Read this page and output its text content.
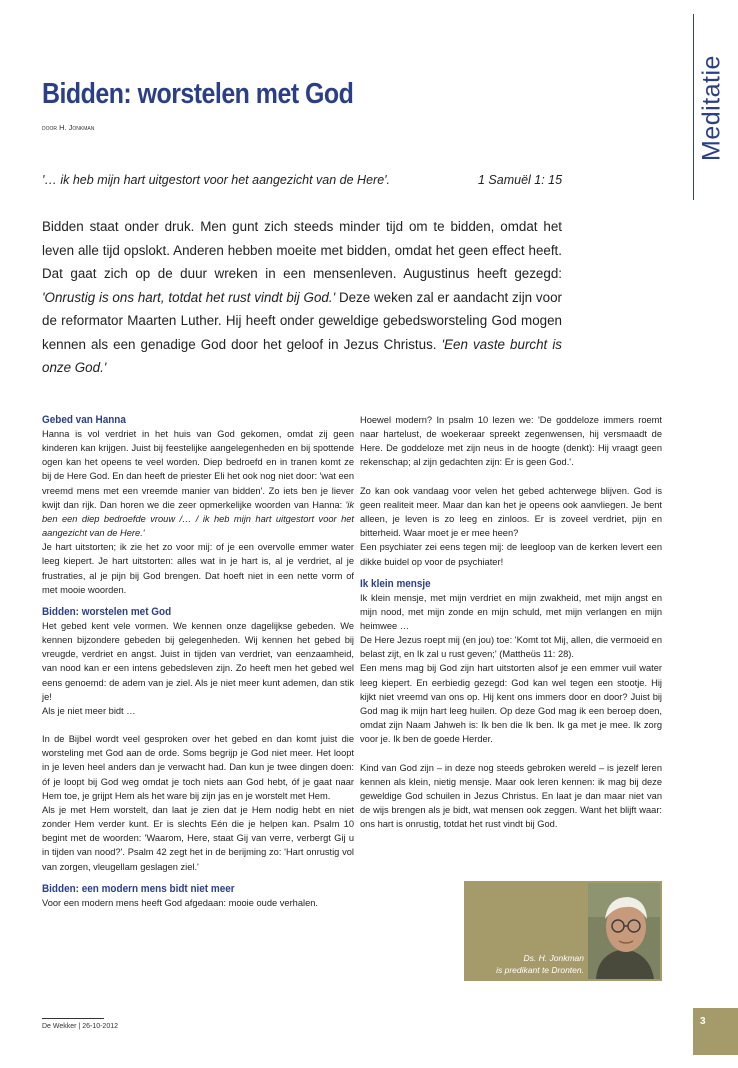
Meditatie
Bidden: worstelen met God
door H. Jonkman
'… ik heb mijn hart uitgestort voor het aangezicht van de Here'.	1 Samuël 1: 15

Bidden staat onder druk. Men gunt zich steeds minder tijd om te bidden, omdat het leven alle tijd opslokt. Anderen hebben moeite met bidden, omdat het geen effect heeft. Dat gaat zich op de duur wreken in een mensenleven. Augustinus heeft gezegd: 'Onrustig is ons hart, totdat het rust vindt bij God.' Deze weken zal er aandacht zijn voor de reformator Maarten Luther. Hij heeft onder geweldige gebedsworsteling God mogen kennen als een genadige God door het geloof in Jezus Christus. 'Een vaste burcht is onze God.'

Gebed van Hanna

Hanna is vol verdriet in het huis van God gekomen, omdat zij geen kinderen kan krijgen. Juist bij feestelijke aangelegenheden en bij spottende ogen kan het opeens te veel worden. Diep bedroefd en in tranen komt ze bij de Here God. En dan heeft de priester Eli het ook nog niet door: 'wat een vreemd mens met een vreemde manier van bidden'. Zo iets ben je liever kwijt dan rijk. Dan horen we die zeer opmerkelijke woorden van Hanna: 'ik ben een diep bedroefde vrouw /… / ik heb mijn hart uitgestort voor het aangezicht van de Here.'

Je hart uitstorten; ik zie het zo voor mij: of je een overvolle emmer water leeg kiepert. Je hart uitstorten: alles wat in je hart is, al je verdriet, al je frustraties, al je pijn bij God brengen. Dat hoeft niet in een nette vorm of met mooie woorden.

Bidden: worstelen met God

Het gebed kent vele vormen. We kennen onze dagelijkse gebeden. We kennen bijzondere gebeden bij gelegenheden. Wij kennen het gebed bij vreugde, verdriet en angst. Juist in tijden van verdriet, van eenzaamheid, van nood kan er een intens gebedsleven zijn. Zo heeft men het gebed wel eens genoemd: de adem van je ziel. Als je niet meer kunt ademen, dan stik je!

Als je niet meer bidt …

In de Bijbel wordt veel gesproken over het gebed en dan komt juist die worsteling met God aan de orde. Soms begrijp je God niet meer. Het loopt in je leven heel anders dan je verwacht had. Dan kun je twee dingen doen: óf je loopt bij God weg omdat je toch niets aan God hebt, óf je gaat naar Hem toe, je grijpt Hem als het ware bij zijn jas en je worstelt met Hem.

Als je met Hem worstelt, dan laat je zien dat je Hem nodig hebt en niet zonder Hem verder kunt. Er is slechts Eén die je helpen kan. Psalm 10 begint met de woorden: 'Waarom, Here, staat Gij van verre, verbergt Gij u in tijden van nood?'. Psalm 42 zegt het in de berijming zo: 'Hart onrustig vol van zorgen, vleugellam geslagen ziel.'

Bidden: een modern mens bidt niet meer

Voor een modern mens heeft God afgedaan: mooie oude verhalen.

Hoewel modern? In psalm 10 lezen we: 'De goddeloze immers roemt naar hartelust, de woekeraar spreekt zegenwensen, hij versmaadt de Here. De goddeloze met zijn neus in de hoogte (denkt): Hij vraagt geen rekenschap; al zijn gedachten zijn: Er is geen God.'.

Zo kan ook vandaag voor velen het gebed achterwege blijven. God is geen realiteit meer. Maar dan kan het je opeens ook aanvliegen. Je bent alleen, je leven is zo leeg en zinloos. Er is zoveel verdriet, pijn en bitterheid. Waar moet je er mee heen?

Een psychiater zei eens tegen mij: de leegloop van de kerken levert een dikke buidel op voor de psychiater!

Ik klein mensje

Ik klein mensje, met mijn verdriet en mijn zwakheid, met mijn angst en mijn nood, met mijn zonde en mijn schuld, met mijn verlangen en mijn heimwee …

De Here Jezus roept mij (en jou) toe: 'Komt tot Mij, allen, die vermoeid en belast zijt, en Ik zal u rust geven;' (Mattheüs 11: 28).

Een mens mag bij God zijn hart uitstorten alsof je een emmer vuil water leeg kiepert. En eerbiedig gezegd: God kan wel tegen een stootje. Hij kijkt niet vreemd van ons op. Hij kent ons immers door en door? Juist bij God mag ik mijn hart leeg huilen. Op deze God mag ik een beroep doen, omdat zijn Naam Jahweh is: Ik ben die Ik ben. Ik ga met je mee. Ik zorg voor je. Ik ben de goede Herder.

Kind van God zijn – in deze nog steeds gebroken wereld – is jezelf leren kennen als klein, nietig mensje. Maar ook leren kennen: ik mag bij deze geweldige God schuilen in Jezus Christus. En laat je dan maar niet van de wijs brengen als je bidt, wat mensen ook zeggen. Want het blijft waar: ons hart is onrustig, totdat het rust vindt bij God.

Ds. H. Jonkman
is predikant te Dronten.
De Wekker | 26-10-2012	3
